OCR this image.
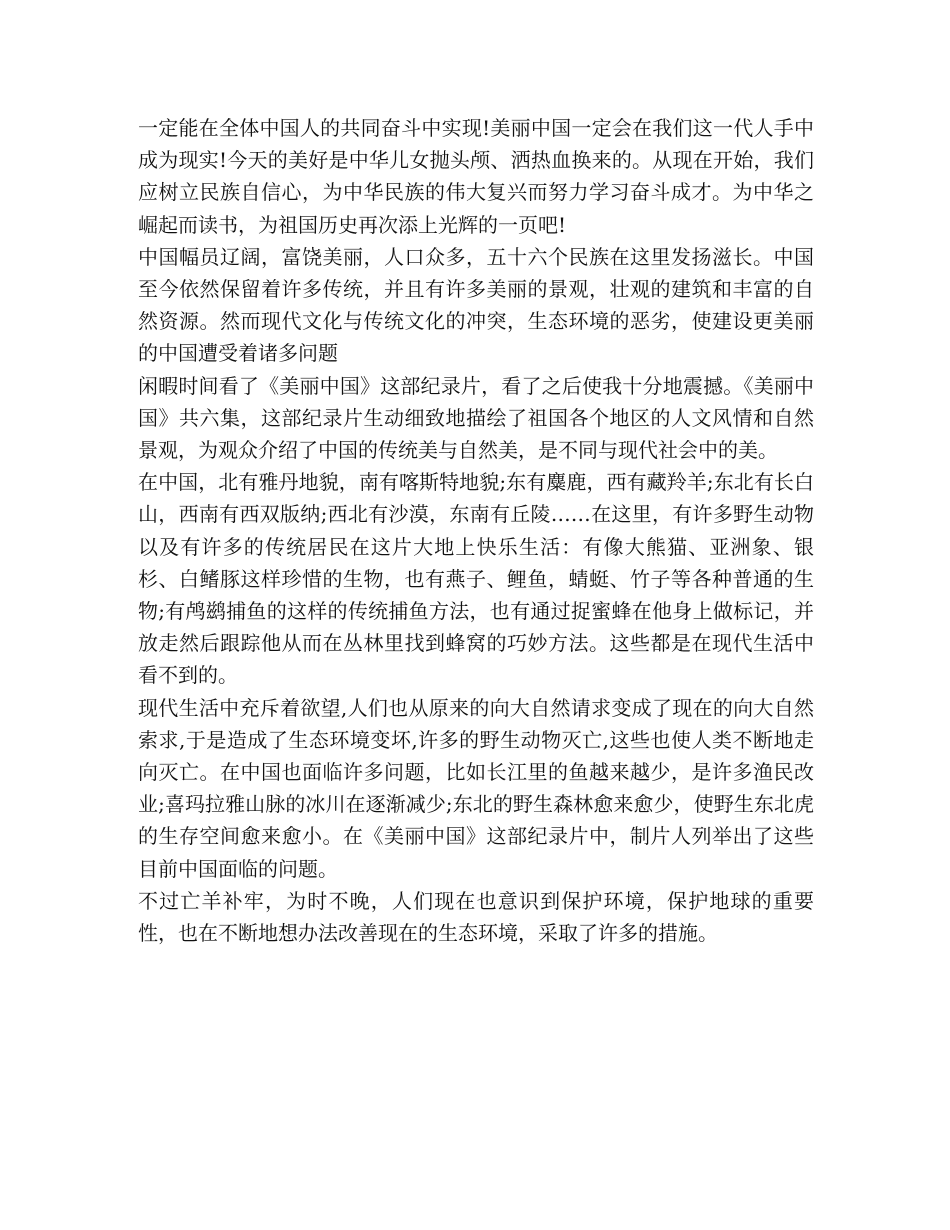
一定能在全体中国人的共同奋斗中实现!美丽中国一定会在我们这一代人手中成为现实!今天的美好是中华儿女抛头颅、洒热血换来的。从现在开始，我们应树立民族自信心，为中华民族的伟大复兴而努力学习奋斗成才。为中华之崛起而读书，为祖国历史再次添上光辉的一页吧!

中国幅员辽阔，富饶美丽，人口众多，五十六个民族在这里发扬滋长。中国至今依然保留着许多传统，并且有许多美丽的景观，壮观的建筑和丰富的自然资源。然而现代文化与传统文化的冲突，生态环境的恶劣，使建设更美丽的中国遭受着诸多问题

闲暇时间看了《美丽中国》这部纪录片，看了之后使我十分地震撼。《美丽中国》共六集，这部纪录片生动细致地描绘了祖国各个地区的人文风情和自然景观，为观众介绍了中国的传统美与自然美，是不同与现代社会中的美。

在中国，北有雅丹地貌，南有喀斯特地貌;东有麋鹿，西有藏羚羊;东北有长白山，西南有西双版纳;西北有沙漠，东南有丘陵……在这里，有许多野生动物以及有许多的传统居民在这片大地上快乐生活：有像大熊猫、亚洲象、银杉、白鳍豚这样珍惜的生物，也有燕子、鲤鱼，蜻蜓、竹子等各种普通的生物;有鸬鹚捕鱼的这样的传统捕鱼方法，也有通过捉蜜蜂在他身上做标记，并放走然后跟踪他从而在丛林里找到蜂窝的巧妙方法。这些都是在现代生活中看不到的。

现代生活中充斥着欲望,人们也从原来的向大自然请求变成了现在的向大自然索求,于是造成了生态环境变坏,许多的野生动物灭亡,这些也使人类不断地走向灭亡。在中国也面临许多问题，比如长江里的鱼越来越少，是许多渔民改业;喜玛拉雅山脉的冰川在逐渐减少;东北的野生森林愈来愈少，使野生东北虎的生存空间愈来愈小。在《美丽中国》这部纪录片中，制片人列举出了这些目前中国面临的问题。

不过亡羊补牢，为时不晚，人们现在也意识到保护环境，保护地球的重要性，也在不断地想办法改善现在的生态环境，采取了许多的措施。
